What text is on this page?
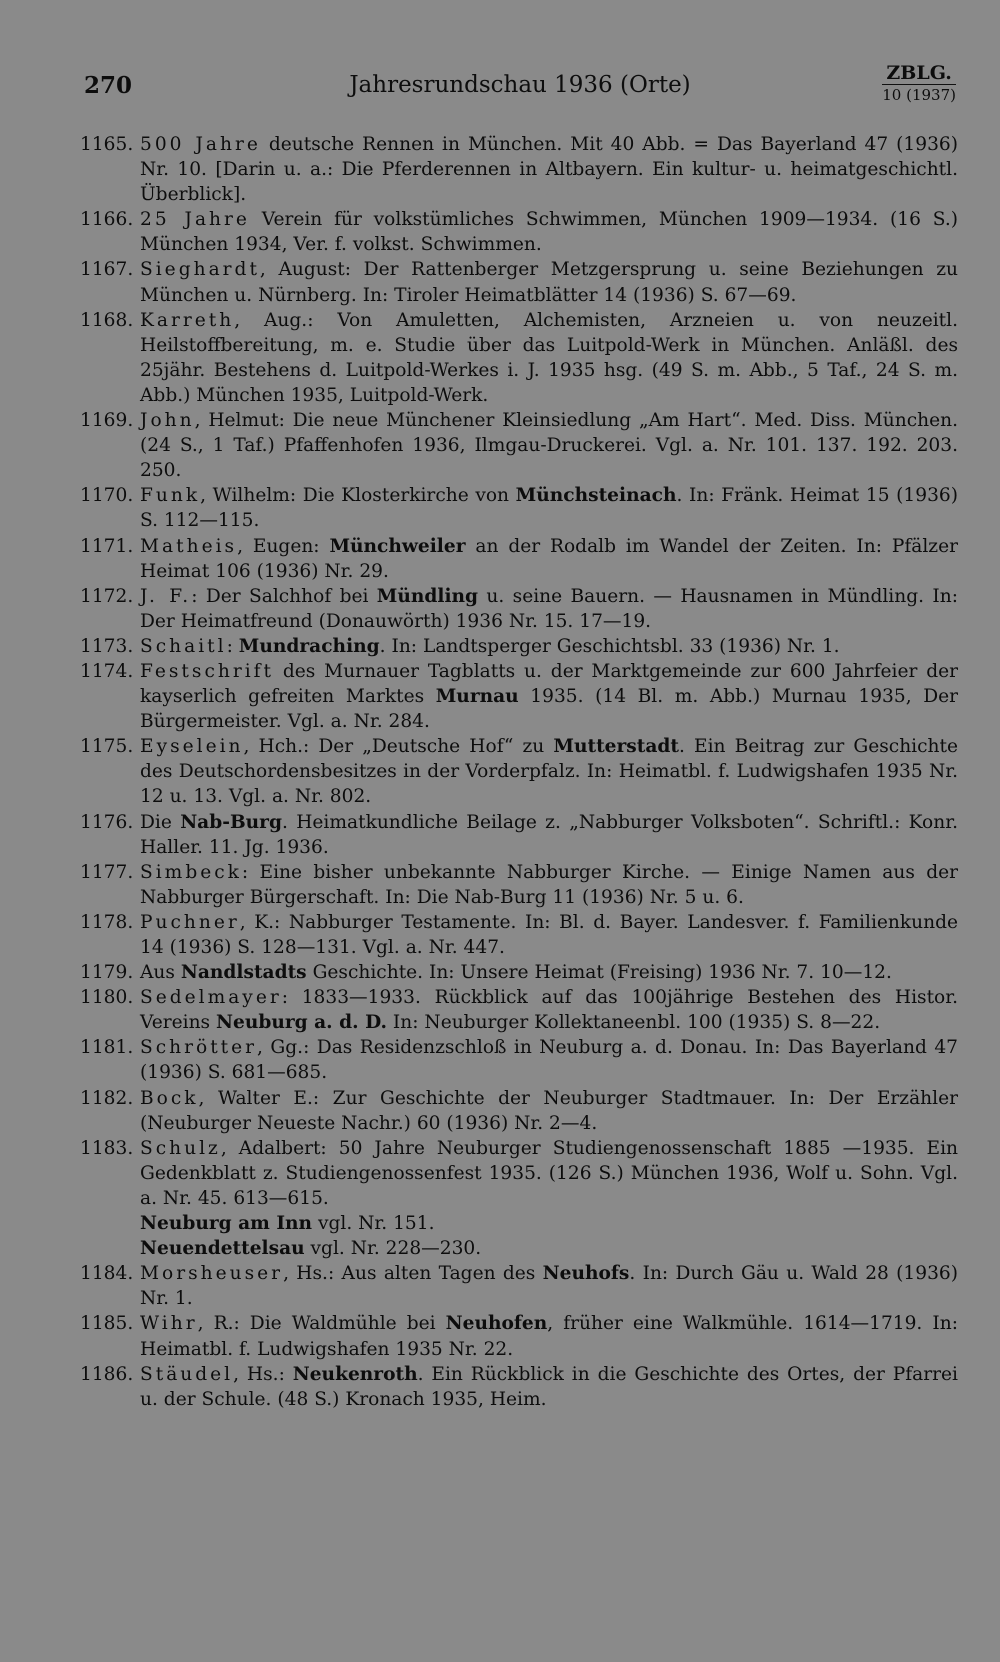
270	Jahresrundschau 1936 (Orte)	ZBLG.
10 (1937)
1165. 500 Jahre deutsche Rennen in München. Mit 40 Abb. = Das Bayerland 47 (1936) Nr. 10. [Darin u. a.: Die Pferderennen in Altbayern. Ein kultur- u. heimatgeschichtl. Überblick].
1166. 25 Jahre Verein für volkstümliches Schwimmen, München 1909—1934. (16 S.) München 1934, Ver. f. volkst. Schwimmen.
1167. Sieghardt, August: Der Rattenberger Metzgersprung u. seine Beziehungen zu München u. Nürnberg. In: Tiroler Heimatblätter 14 (1936) S. 67—69.
1168. Karreth, Aug.: Von Amuletten, Alchemisten, Arzneien u. von neuzeitl. Heilstoffbereitung, m. e. Studie über das Luitpold-Werk in München. Anläßl. des 25jähr. Bestehens d. Luitpold-Werkes i. J. 1935 hsg. (49 S. m. Abb., 5 Taf., 24 S. m. Abb.) München 1935, Luitpold-Werk.
1169. John, Helmut: Die neue Münchener Kleinsiedlung „Am Hart“. Med. Diss. München. (24 S., 1 Taf.) Pfaffenhofen 1936, Ilmgau-Druckerei. Vgl. a. Nr. 101. 137. 192. 203. 250.
1170. Funk, Wilhelm: Die Klosterkirche von Münchsteinach. In: Fränk. Heimat 15 (1936) S. 112—115.
1171. Matheis, Eugen: Münchweiler an der Rodalb im Wandel der Zeiten. In: Pfälzer Heimat 106 (1936) Nr. 29.
1172. J. F.: Der Salchhof bei Mündling u. seine Bauern. — Hausnamen in Mündling. In: Der Heimatfreund (Donauwörth) 1936 Nr. 15. 17—19.
1173. Schaitl: Mundraching. In: Landtsperger Geschichtsbl. 33 (1936) Nr. 1.
1174. Festschrift des Murnauer Tagblatts u. der Marktgemeinde zur 600 Jahrfeier der kayserlich gefreiten Marktes Murnau 1935. (14 Bl. m. Abb.) Murnau 1935, Der Bürgermeister. Vgl. a. Nr. 284.
1175. Eyselein, Hch.: Der „Deutsche Hof“ zu Mutterstadt. Ein Beitrag zur Geschichte des Deutschordensbesitzes in der Vorderpfalz. In: Heimatbl. f. Ludwigshafen 1935 Nr. 12 u. 13. Vgl. a. Nr. 802.
1176. Die Nab-Burg. Heimatkundliche Beilage z. „Nabburger Volksboten“. Schriftl.: Konr. Haller. 11. Jg. 1936.
1177. Simbeck: Eine bisher unbekannte Nabburger Kirche. — Einige Namen aus der Nabburger Bürgerschaft. In: Die Nab-Burg 11 (1936) Nr. 5 u. 6.
1178. Puchner, K.: Nabburger Testamente. In: Bl. d. Bayer. Landesver. f. Familienkunde 14 (1936) S. 128—131. Vgl. a. Nr. 447.
1179. Aus Nandlstadts Geschichte. In: Unsere Heimat (Freising) 1936 Nr. 7. 10—12.
1180. Sedelmayer: 1833—1933. Rückblick auf das 100jährige Bestehen des Histor. Vereins Neuburg a. d. D. In: Neuburger Kollektaneenbl. 100 (1935) S. 8—22.
1181. Schrötter, Gg.: Das Residenzschloß in Neuburg a. d. Donau. In: Das Bayerland 47 (1936) S. 681—685.
1182. Bock, Walter E.: Zur Geschichte der Neuburger Stadtmauer. In: Der Erzähler (Neuburger Neueste Nachr.) 60 (1936) Nr. 2—4.
1183. Schulz, Adalbert: 50 Jahre Neuburger Studiengenossenschaft 1885 —1935. Ein Gedenkblatt z. Studiengenossenfest 1935. (126 S.) München 1936, Wolf u. Sohn. Vgl. a. Nr. 45. 613—615.
Neuburg am Inn vgl. Nr. 151.
Neuendettelsau vgl. Nr. 228—230.
1184. Morsheuser, Hs.: Aus alten Tagen des Neuhofs. In: Durch Gäu u. Wald 28 (1936) Nr. 1.
1185. Wihr, R.: Die Waldmühle bei Neuhofen, früher eine Walkmühle. 1614—1719. In: Heimatbl. f. Ludwigshafen 1935 Nr. 22.
1186. Stäudel, Hs.: Neukenroth. Ein Rückblick in die Geschichte des Ortes, der Pfarrei u. der Schule. (48 S.) Kronach 1935, Heim.
